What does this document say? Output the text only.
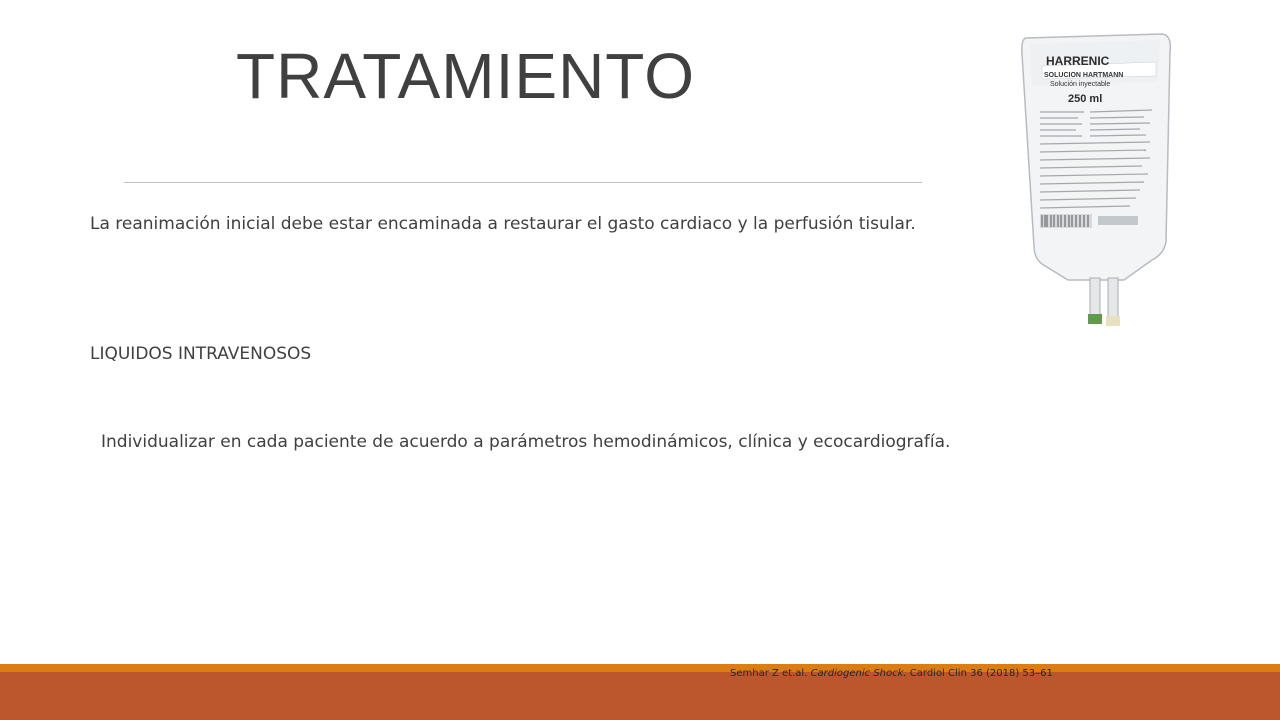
TRATAMIENTO
La reanimación inicial debe estar encaminada a restaurar el gasto cardiaco y la perfusión tisular.
LIQUIDOS INTRAVENOSOS
Individualizar en cada paciente de acuerdo a parámetros hemodinámicos, clínica y ecocardiografía.
HARRENIC
SOLUCION HARTMANN
Solución inyectable
250 ml
Semhar Z et.al. Cardiogenic Shock. Cardiol Clin 36 (2018) 53–61
